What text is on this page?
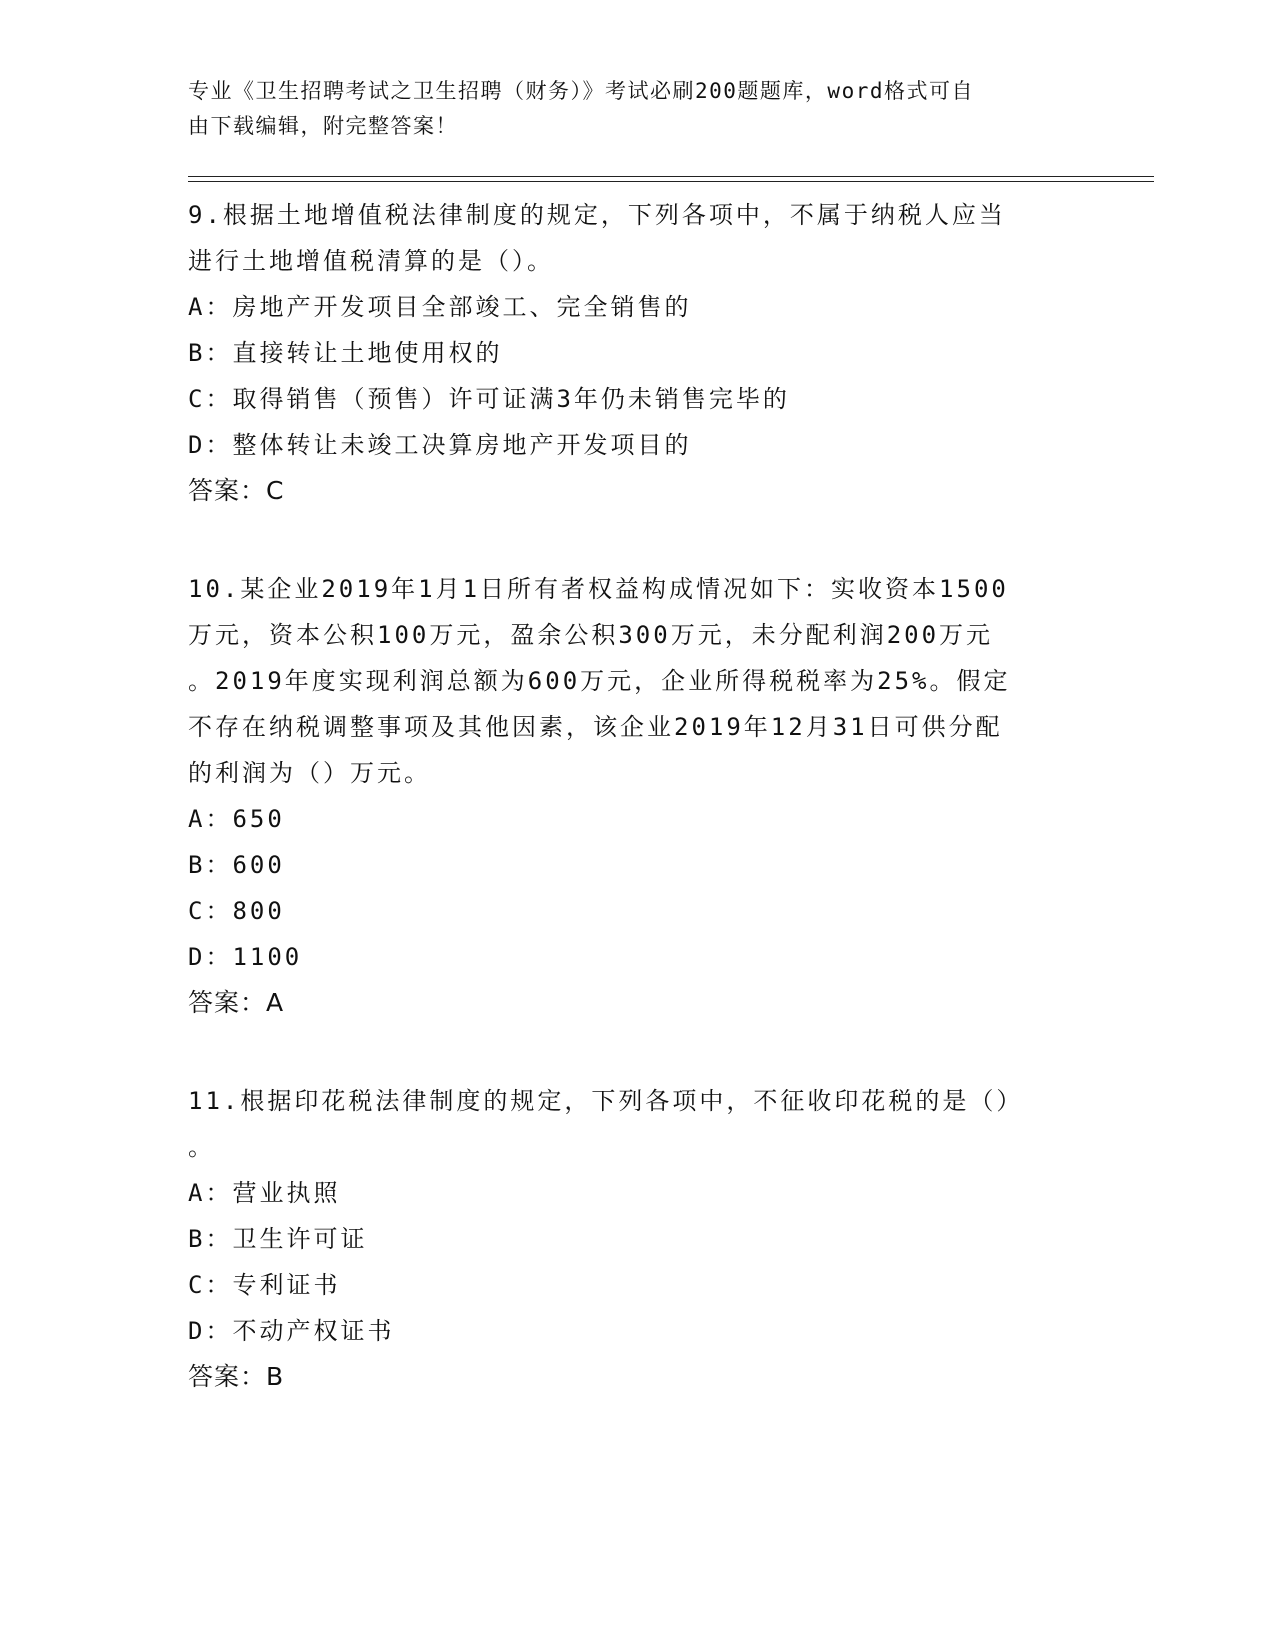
专业《卫生招聘考试之卫生招聘（财务）》考试必刷200题题库，word格式可自
由下载编辑，附完整答案！
9.根据土地增值税法律制度的规定，下列各项中，不属于纳税人应当
进行土地增值税清算的是（）。
A：房地产开发项目全部竣工、完全销售的
B：直接转让土地使用权的
C：取得销售（预售）许可证满3年仍未销售完毕的
D：整体转让未竣工决算房地产开发项目的
答案：C
10.某企业2019年1月1日所有者权益构成情况如下：实收资本1500
万元，资本公积100万元，盈余公积300万元，未分配利润200万元
。2019年度实现利润总额为600万元，企业所得税税率为25%。假定
不存在纳税调整事项及其他因素，该企业2019年12月31日可供分配
的利润为（）万元。
A：650
B：600
C：800
D：1100
答案：A
11.根据印花税法律制度的规定，下列各项中，不征收印花税的是（）
。
A：营业执照
B：卫生许可证
C：专利证书
D：不动产权证书
答案：B
